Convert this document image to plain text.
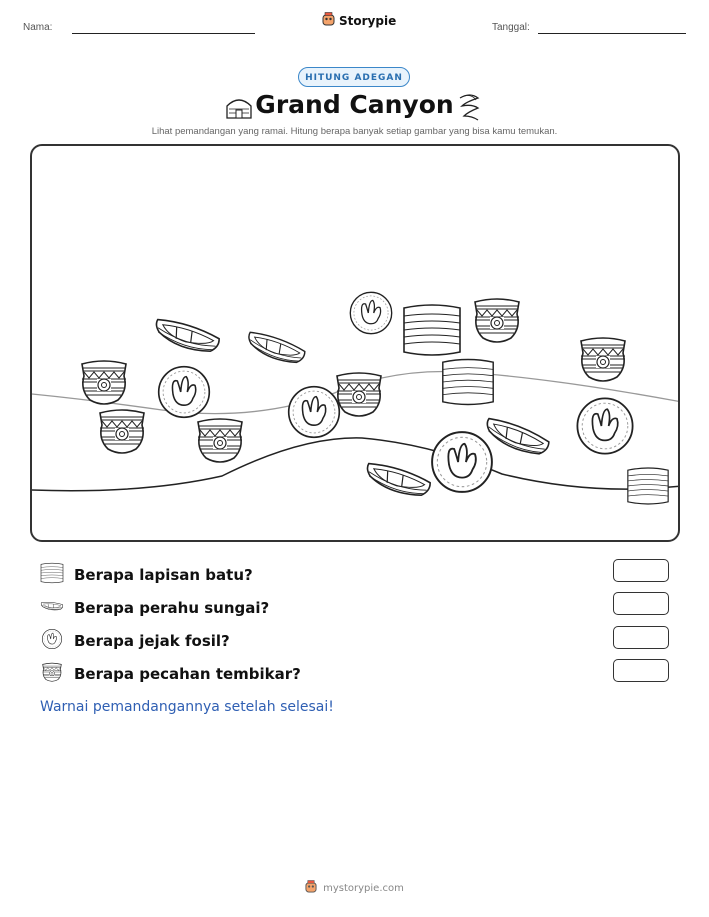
Nama:	Storypie	Tanggal:
HITUNG ADEGAN
Grand Canyon
Lihat pemandangan yang ramai. Hitung berapa banyak setiap gambar yang bisa kamu temukan.
Berapa lapisan batu?
Berapa perahu sungai?
Berapa jejak fosil?
Berapa pecahan tembikar?
Warnai pemandangannya setelah selesai!
mystorypie.com
